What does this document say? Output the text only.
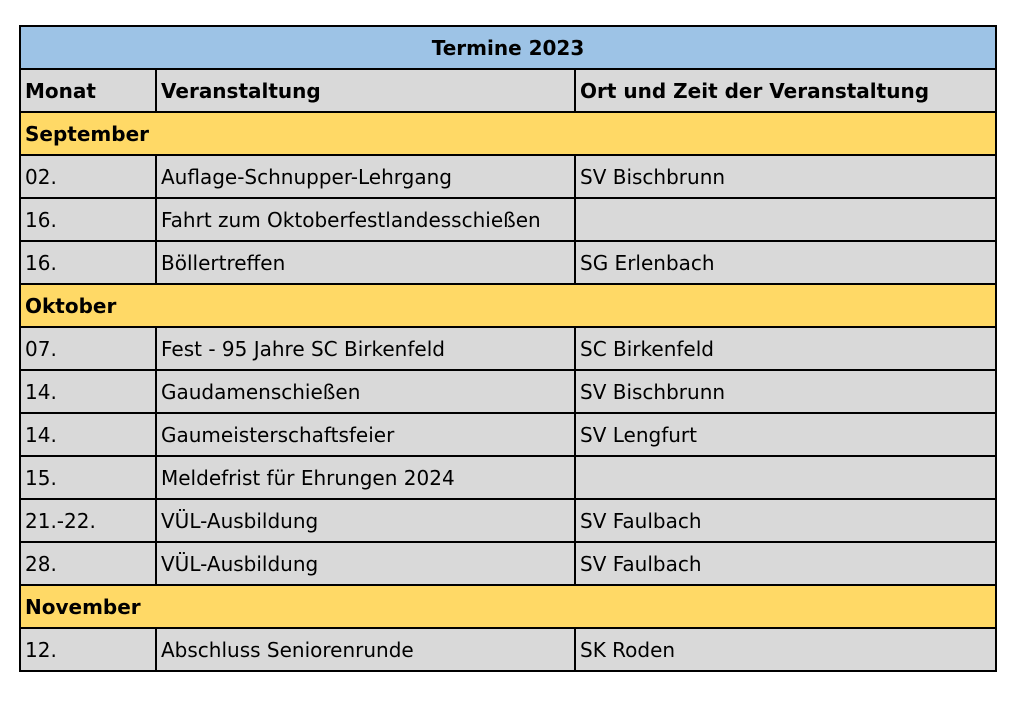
Termine 2023		
Monat	Veranstaltung	Ort und Zeit der Veranstaltung
September		
02.	Auflage-Schnupper-Lehrgang	SV Bischbrunn
16.	Fahrt zum Oktoberfestlandesschießen	
16.	Böllertreffen	SG Erlenbach
Oktober		
07.	Fest - 95 Jahre SC Birkenfeld	SC Birkenfeld
14.	Gaudamenschießen	SV Bischbrunn
14.	Gaumeisterschaftsfeier	SV Lengfurt
15.	Meldefrist für Ehrungen 2024	
21.-22.	VÜL-Ausbildung	SV Faulbach
28.	VÜL-Ausbildung	SV Faulbach
November		
12.	Abschluss Seniorenrunde	SK Roden
